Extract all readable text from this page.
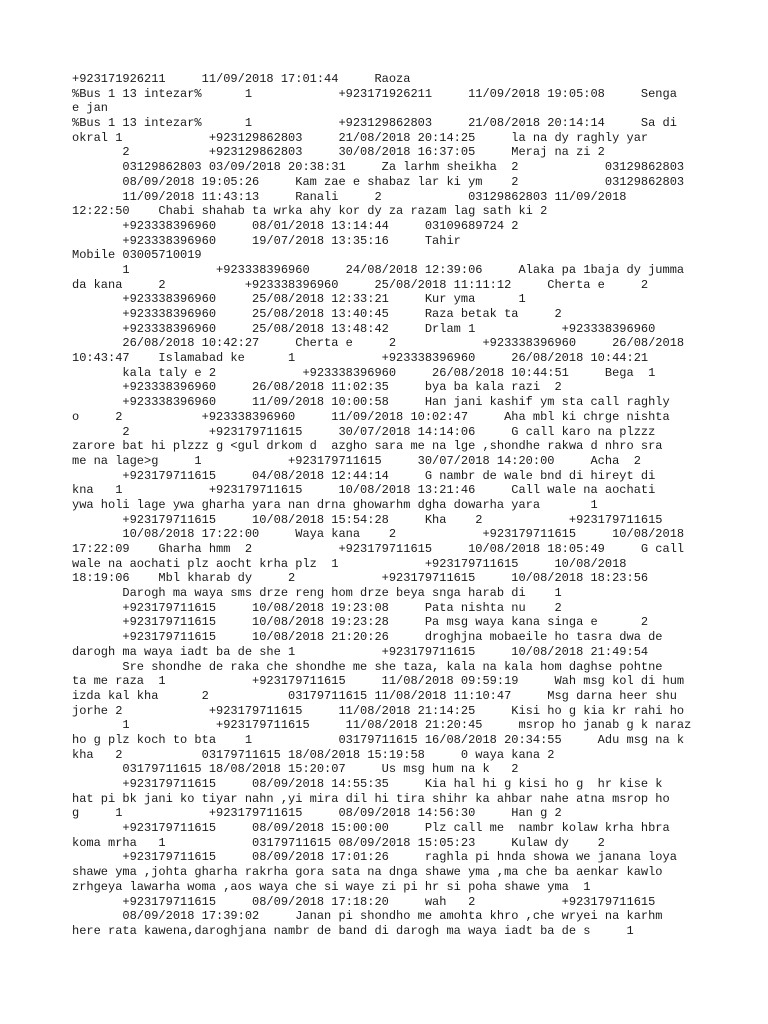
+923171926211     11/09/2018 17:01:44     Raoza
%Bus 1 13 intezar%      1            +923171926211     11/09/2018 19:05:08     Senga
e jan
%Bus 1 13 intezar%      1            +923129862803     21/08/2018 20:14:14     Sa di
okral 1            +923129862803     21/08/2018 20:14:25     la na dy raghly yar
2           +923129862803     30/08/2018 16:37:05     Meraj na zi 2
03129862803 03/09/2018 20:38:31     Za larhm sheikha  2            03129862803
08/09/2018 19:05:26     Kam zae e shabaz lar ki ym    2            03129862803
11/09/2018 11:43:13     Ranali     2            03129862803 11/09/2018
12:22:50    Chabi shahab ta wrka ahy kor dy za razam lag sath ki 2
+923338396960     08/01/2018 13:14:44     03109689724 2
+923338396960     19/07/2018 13:35:16     Tahir
Mobile 03005710019
1            +923338396960     24/08/2018 12:39:06     Alaka pa 1baja dy jumma
da kana     2           +923338396960     25/08/2018 11:11:12     Cherta e     2
+923338396960     25/08/2018 12:33:21     Kur yma      1
+923338396960     25/08/2018 13:40:45     Raza betak ta     2
+923338396960     25/08/2018 13:48:42     Drlam 1            +923338396960
26/08/2018 10:42:27     Cherta e     2            +923338396960     26/08/2018
10:43:47    Islamabad ke      1            +923338396960     26/08/2018 10:44:21
kala taly e 2            +923338396960     26/08/2018 10:44:51     Bega  1
+923338396960     26/08/2018 11:02:35     bya ba kala razi  2
+923338396960     11/09/2018 10:00:58     Han jani kashif ym sta call raghly
o     2           +923338396960     11/09/2018 10:02:47     Aha mbl ki chrge nishta
2           +923179711615     30/07/2018 14:14:06     G call karo na plzzz
zarore bat hi plzzz g <gul drkom d  azgho sara me na lge ,shondhe rakwa d nhro sra
me na lage>g     1            +923179711615     30/07/2018 14:20:00     Acha  2
+923179711615     04/08/2018 12:44:14     G nambr de wale bnd di hireyt di
kna   1            +923179711615     10/08/2018 13:21:46     Call wale na aochati
ywa holi lage ywa gharha yara nan drna ghowarhm dgha dowarha yara       1
+923179711615     10/08/2018 15:54:28     Kha    2            +923179711615
10/08/2018 17:22:00     Waya kana    2            +923179711615     10/08/2018
17:22:09    Gharha hmm  2            +923179711615     10/08/2018 18:05:49     G call
wale na aochati plz aocht krha plz  1            +923179711615     10/08/2018
18:19:06    Mbl kharab dy     2            +923179711615     10/08/2018 18:23:56
Darogh ma waya sms drze reng hom drze beya snga harab di    1
+923179711615     10/08/2018 19:23:08     Pata nishta nu    2
+923179711615     10/08/2018 19:23:28     Pa msg waya kana singa e      2
+923179711615     10/08/2018 21:20:26     droghjna mobaeile ho tasra dwa de
darogh ma waya iadt ba de she 1            +923179711615     10/08/2018 21:49:54
Sre shondhe de raka che shondhe me she taza, kala na kala hom daghse pohtne
ta me raza  1            +923179711615     11/08/2018 09:59:19     Wah msg kol di hum
izda kal kha      2           03179711615 11/08/2018 11:10:47     Msg darna heer shu
jorhe 2            +923179711615     11/08/2018 21:14:25     Kisi ho g kia kr rahi ho
1            +923179711615     11/08/2018 21:20:45     msrop ho janab g k naraz
ho g plz koch to bta    1            03179711615 16/08/2018 20:34:55     Adu msg na k
kha   2           03179711615 18/08/2018 15:19:58     0 waya kana 2
03179711615 18/08/2018 15:20:07     Us msg hum na k   2
+923179711615     08/09/2018 14:55:35     Kia hal hi g kisi ho g  hr kise k
hat pi bk jani ko tiyar nahn ,yi mira dil hi tira shihr ka ahbar nahe atna msrop ho
g     1            +923179711615     08/09/2018 14:56:30     Han g 2
+923179711615     08/09/2018 15:00:00     Plz call me  nambr kolaw krha hbra
koma mrha   1            03179711615 08/09/2018 15:05:23     Kulaw dy    2
+923179711615     08/09/2018 17:01:26     raghla pi hnda showa we janana loya
shawe yma ,johta gharha rakrha gora sata na dnga shawe yma ,ma che ba aenkar kawlo
zrhgeya lawarha woma ,aos waya che si waye zi pi hr si poha shawe yma  1
+923179711615     08/09/2018 17:18:20     wah   2            +923179711615
08/09/2018 17:39:02     Janan pi shondho me amohta khro ,che wryei na karhm
here rata kawena,daroghjana nambr de band di darogh ma waya iadt ba de s     1
